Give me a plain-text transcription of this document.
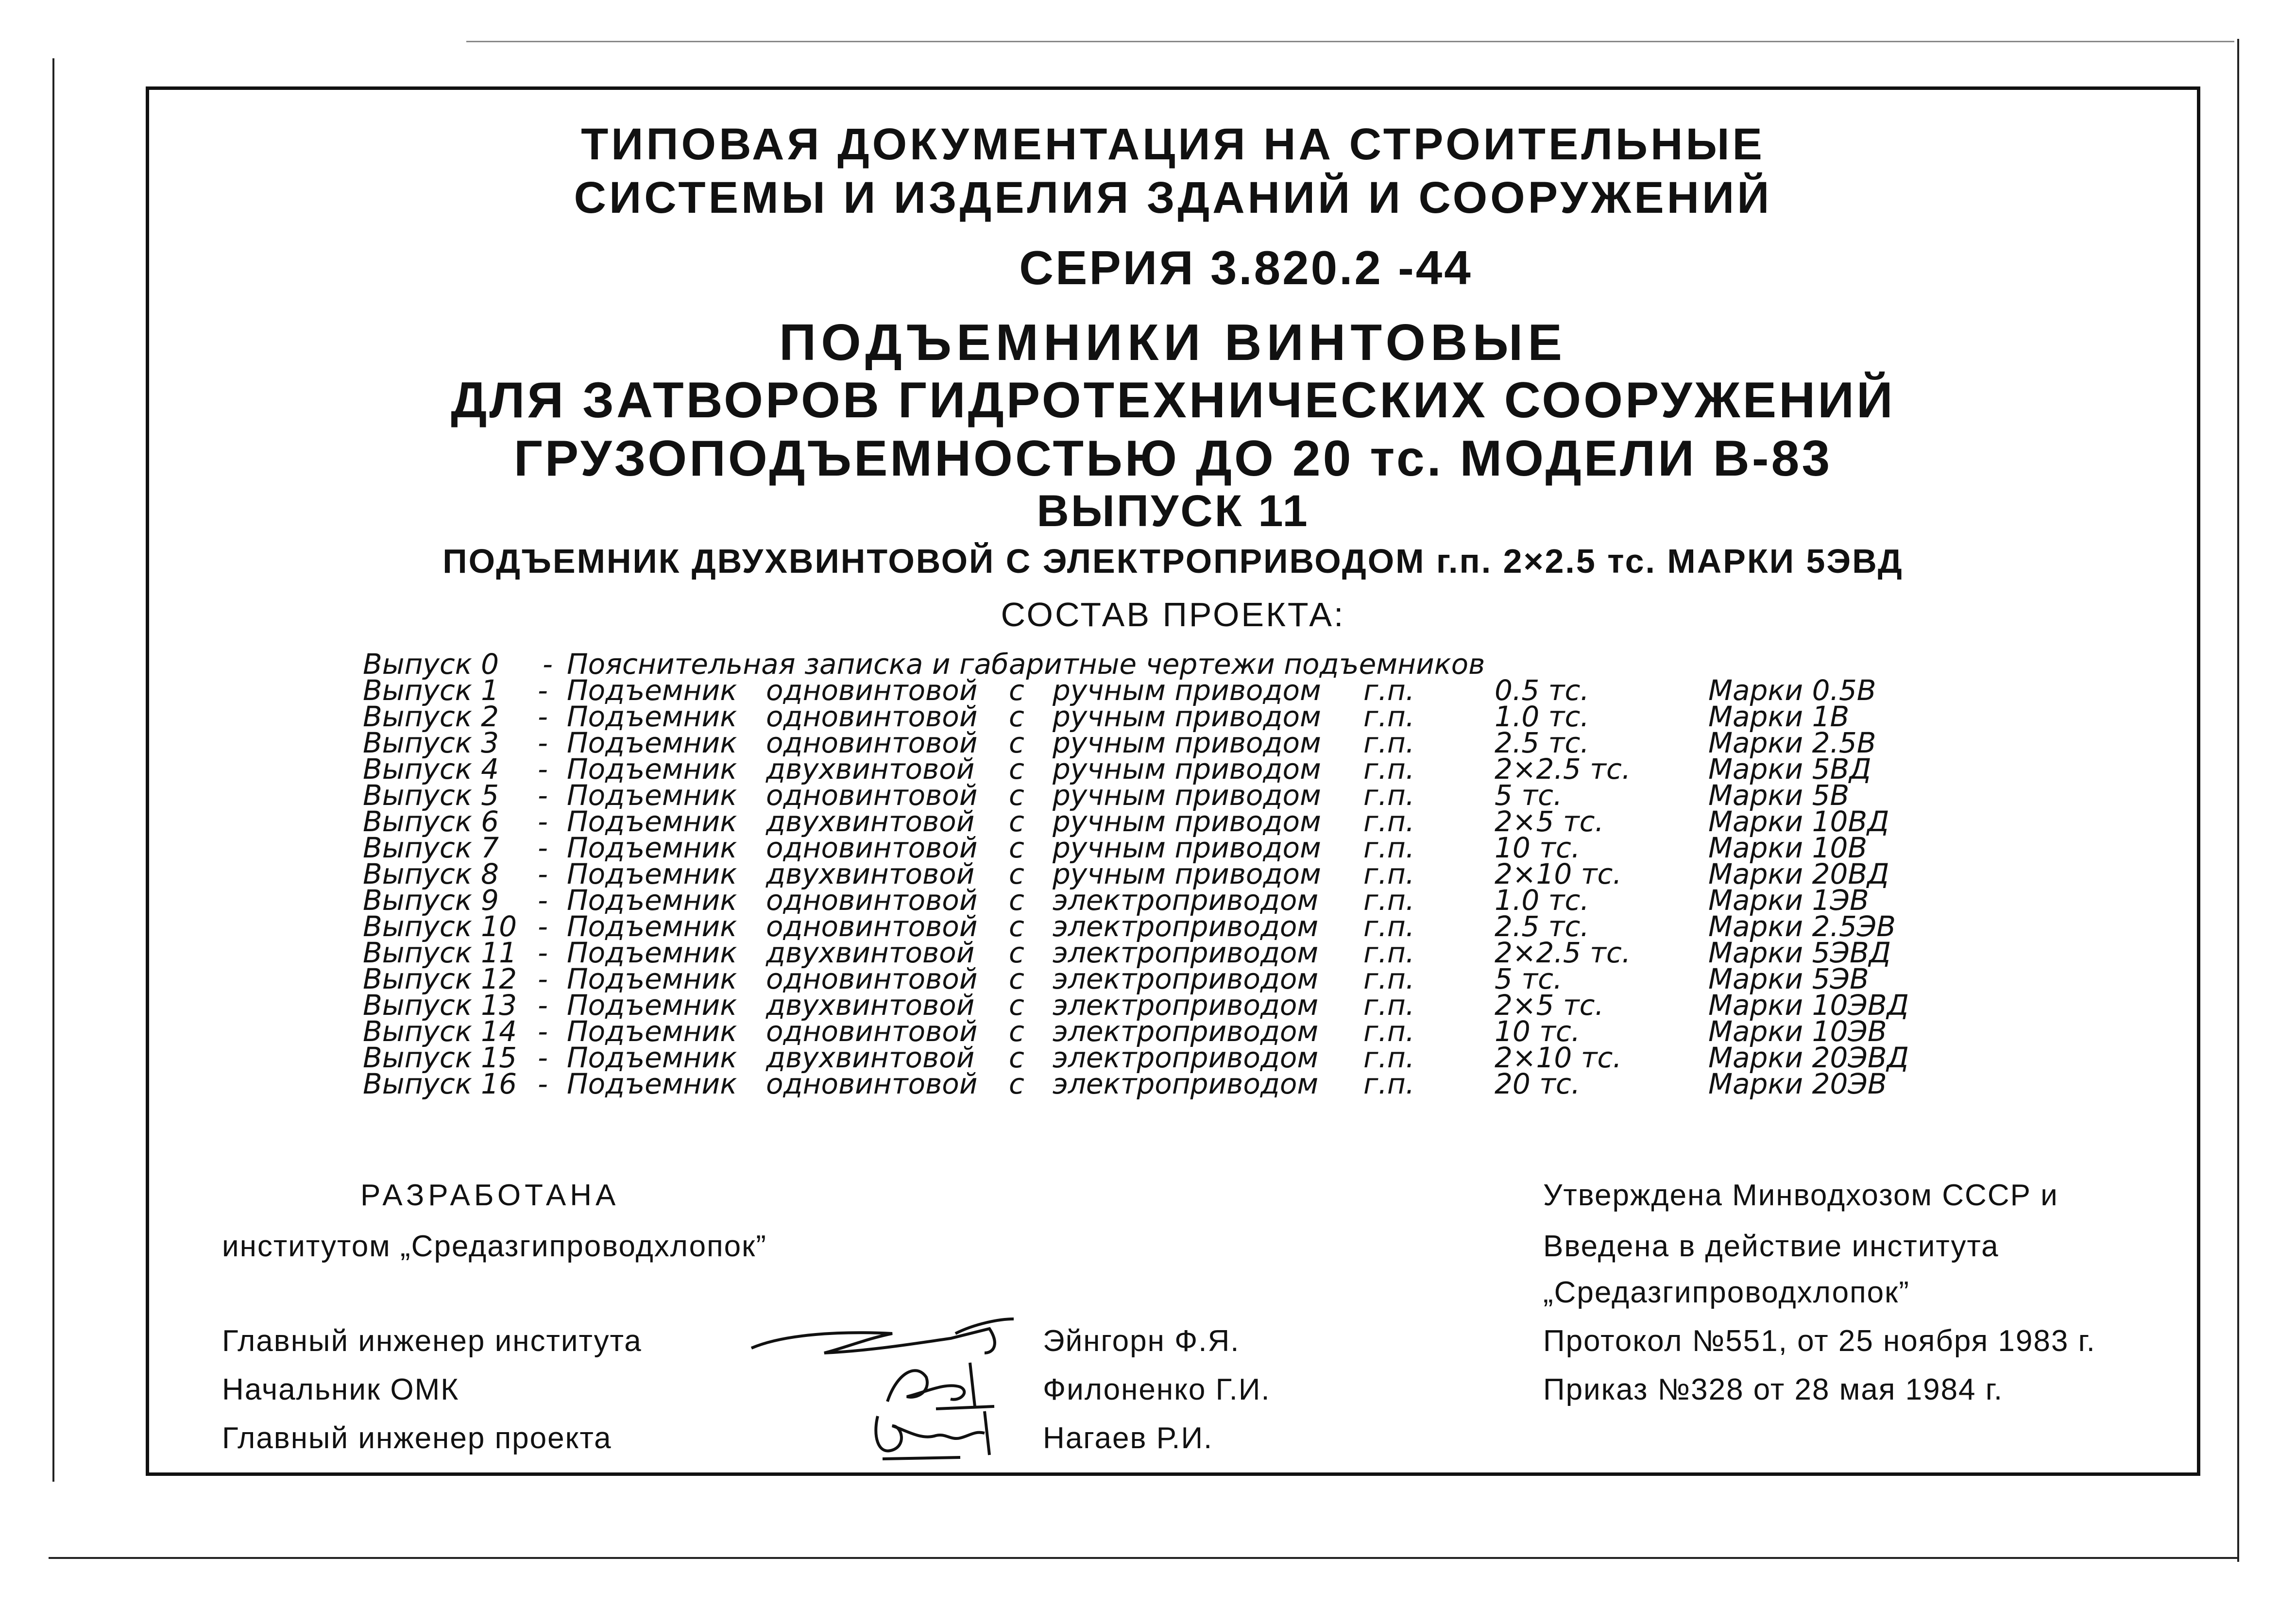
ТИПОВАЯ ДОКУМЕНТАЦИЯ НА СТРОИТЕЛЬНЫЕ
СИСТЕМЫ И ИЗДЕЛИЯ ЗДАНИЙ И СООРУЖЕНИЙ
СЕРИЯ 3.820.2 -44
ПОДЪЕМНИКИ ВИНТОВЫЕ
ДЛЯ ЗАТВОРОВ ГИДРОТЕХНИЧЕСКИХ СООРУЖЕНИЙ
ГРУЗОПОДЪЕМНОСТЬЮ ДО 20 тс. МОДЕЛИ В-83
ВЫПУСК 11
ПОДЪЕМНИК ДВУХВИНТОВОЙ С ЭЛЕКТРОПРИВОДОМ г.п. 2×2.5 тс. МАРКИ 5ЭВД
СОСТАВ ПРОЕКТА:
Выпуск 0	- Пояснительная записка и габаритные чертежи подъемников
Выпуск 1	- Подъемник	одновинтовой	с	ручным приводом	г.п.	0.5 тс.	Марки 0.5В
Выпуск 2	- Подъемник	одновинтовой	с	ручным приводом	г.п.	1.0 тс.	Марки 1В
Выпуск 3	- Подъемник	одновинтовой	с	ручным приводом	г.п.	2.5 тс.	Марки 2.5В
Выпуск 4	- Подъемник	двухвинтовой	с	ручным приводом	г.п.	2×2.5 тс.	Марки 5ВД
Выпуск 5	- Подъемник	одновинтовой	с	ручным приводом	г.п.	5 тс.	Марки 5В
Выпуск 6	- Подъемник	двухвинтовой	с	ручным приводом	г.п.	2×5 тс.	Марки 10ВД
Выпуск 7	- Подъемник	одновинтовой	с	ручным приводом	г.п.	10 тс.	Марки 10В
Выпуск 8	- Подъемник	двухвинтовой	с	ручным приводом	г.п.	2×10 тс.	Марки 20ВД
Выпуск 9	- Подъемник	одновинтовой	с	электроприводом	г.п.	1.0 тс.	Марки 1ЭВ
Выпуск 10 - Подъемник	одновинтовой	с	электроприводом	г.п.	2.5 тс.	Марки 2.5ЭВ
Выпуск 11 - Подъемник	двухвинтовой	с	электроприводом	г.п.	2×2.5 тс.	Марки 5ЭВД
Выпуск 12 - Подъемник	одновинтовой	с	электроприводом	г.п.	5 тс.	Марки 5ЭВ
Выпуск 13 - Подъемник	двухвинтовой	с	электроприводом	г.п.	2×5 тс.	Марки 10ЭВД
Выпуск 14 - Подъемник	одновинтовой	с	электроприводом	г.п.	10 тс.	Марки 10ЭВ
Выпуск 15 - Подъемник	двухвинтовой	с	электроприводом	г.п.	2×10 тс.	Марки 20ЭВД
Выпуск 16 - Подъемник	одновинтовой	с	электроприводом	г.п.	20 тс.	Марки 20ЭВ
РАЗРАБОТАНА
институтом „Средазгипроводхлопок”
Утверждена Минводхозом СССР и
Введена в действие института
„Средазгипроводхлопок”
Протокол №551, от 25 ноября 1983 г.
Приказ №328 от 28 мая 1984 г.
Главный инженер института	Эйнгорн Ф.Я.
Начальник ОМК	Филоненко Г.И.
Главный инженер проекта	Нагаев Р.И.
